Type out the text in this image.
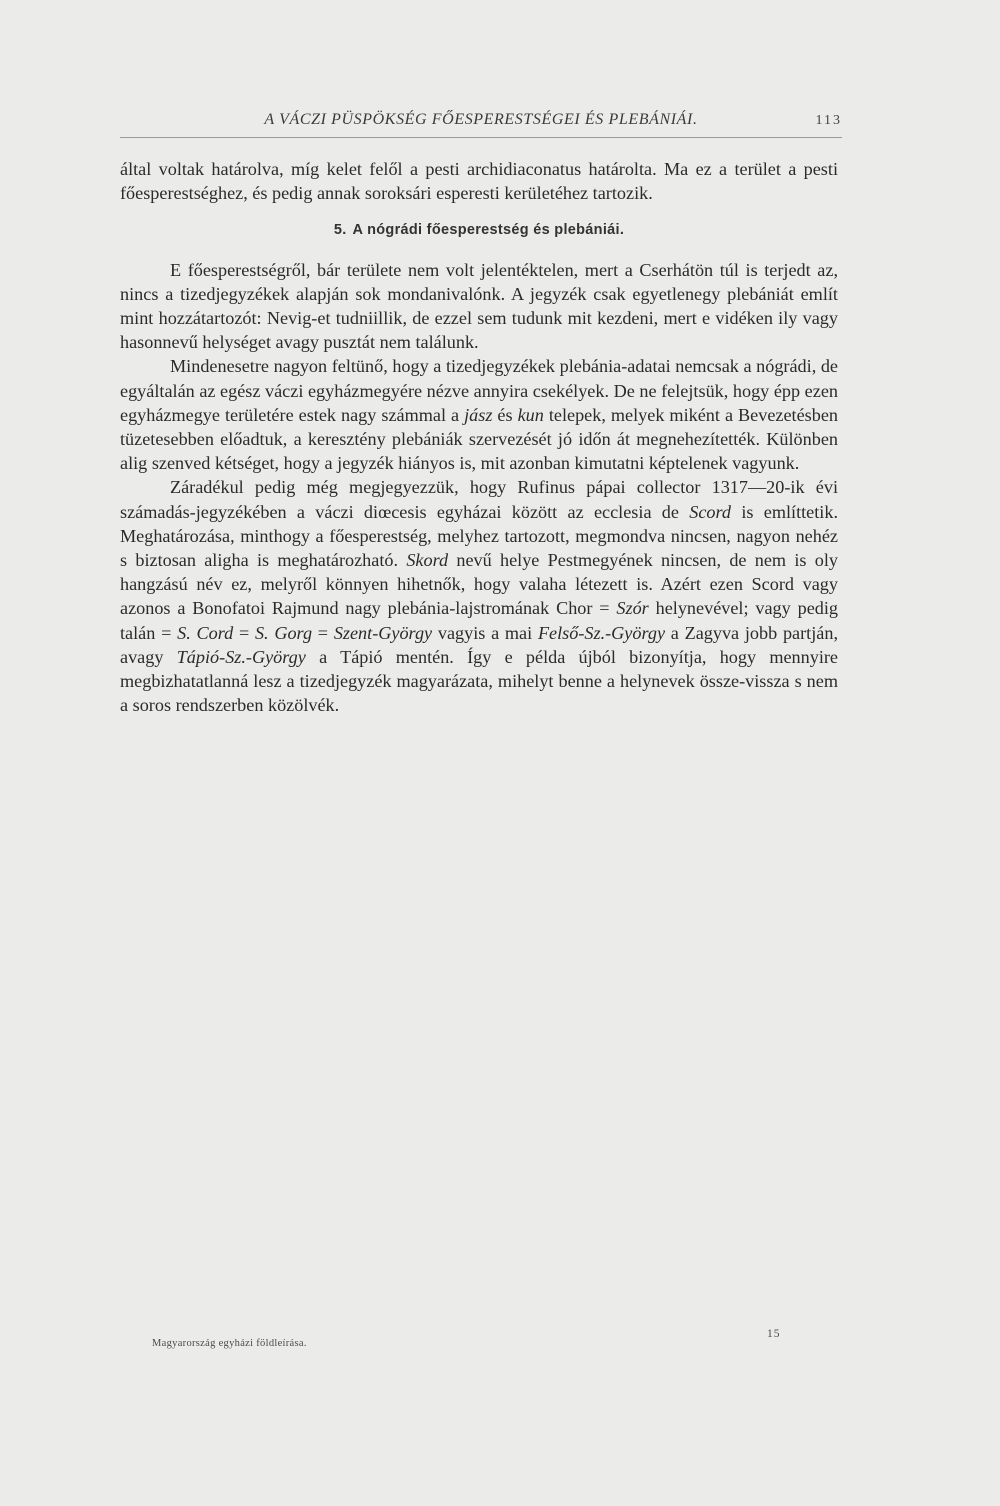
A VÁCZI PÜSPÖKSÉG FŐESPERESTSÉGEI ÉS PLEBÁNIÁI.	113

által voltak határolva, míg kelet felől a pesti archidiaconatus határolta. Ma ez a terület a pesti főesperestséghez, és pedig annak soroksári esperesti kerületéhez tartozik.

5. A nógrádi főesperestség és plebániái.

E főesperestségről, bár területe nem volt jelentéktelen, mert a Cserhátön túl is terjedt az, nincs a tizedjegyzékek alapján sok mondanivalónk. A jegyzék csak egyetlenegy plebániát említ mint hozzátartozót: Nevig-et tudniillik, de ezzel sem tudunk mit kezdeni, mert e vidéken ily vagy hasonnevű helységet avagy pusztát nem találunk.

Mindenesetre nagyon feltünő, hogy a tizedjegyzékek plebánia-adatai nemcsak a nógrádi, de egyáltalán az egész váczi egyházmegyére nézve annyira csekélyek. De ne felejtsük, hogy épp ezen egyházmegye területére estek nagy számmal a jász és kun telepek, melyek miként a Bevezetésben tüzetesebben előadtuk, a keresztény plebániák szervezését jó időn át megnehezítették. Különben alig szenved kétséget, hogy a jegyzék hiányos is, mit azonban kimutatni képtelenek vagyunk.

Záradékul pedig még megjegyezzük, hogy Rufinus pápai collector 1317—20-ik évi számadás-jegyzékében a váczi diœcesis egyházai között az ecclesia de Scord is említtetik. Meghatározása, minthogy a főesperestség, melyhez tartozott, megmondva nincsen, nagyon nehéz s biztosan aligha is meghatározható. Skord nevű helye Pestmegyének nincsen, de nem is oly hangzású név ez, melyről könnyen hihetnők, hogy valaha létezett is. Azért ezen Scord vagy azonos a Bonofatoi Rajmund nagy plebánia-lajstromának Chor = Szór helynevével; vagy pedig talán = S. Cord = S. Gorg = Szent-György vagyis a mai Felső-Sz.-György a Zagyva jobb partján, avagy Tápió-Sz.-György a Tápió mentén. Így e példa újból bizonyítja, hogy mennyire megbizhatatlanná lesz a tizedjegyzék magyarázata, mihelyt benne a helynevek össze-vissza s nem a soros rendszerben közölvék.

Magyarország egyházi földleírása.
15
